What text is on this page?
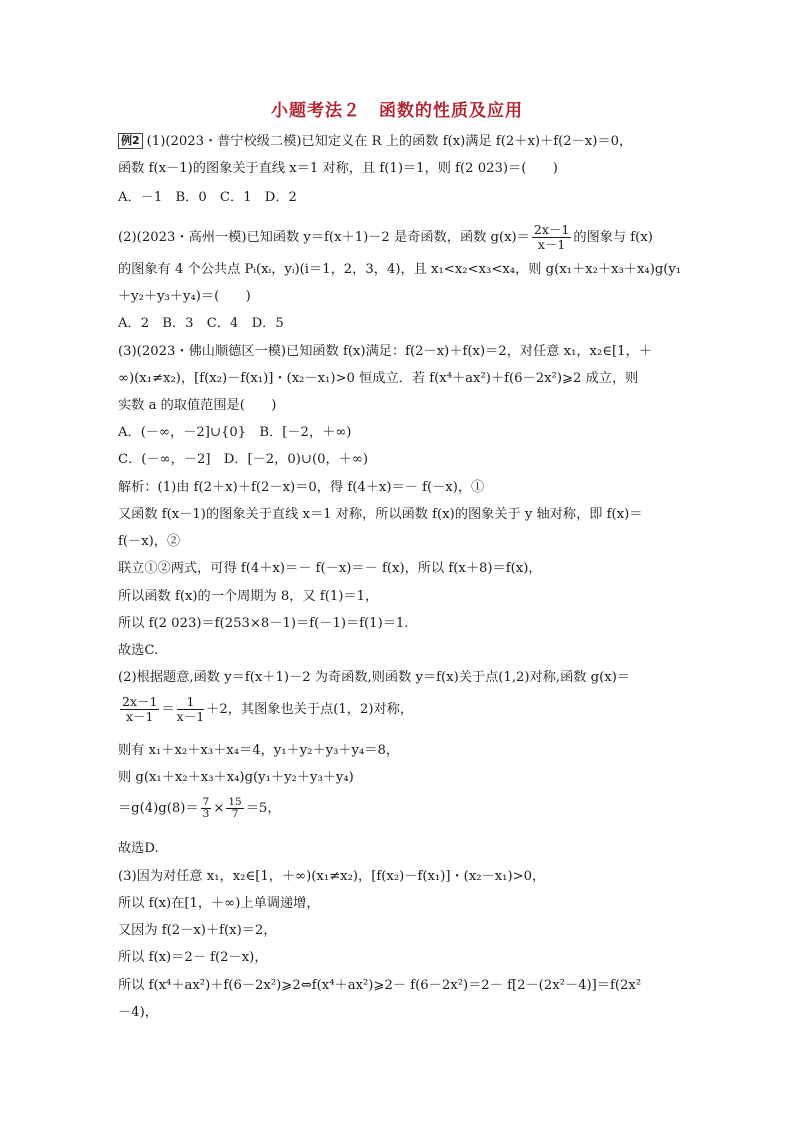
小题考法２　函数的性质及应用
例2 (1)(2023・普宁校级二模)已知定义在 R 上的函数 f(x)满足 f(2＋x)＋f(2－x)＝0，
函数 f(x－1)的图象关于直线 x＝1 对称，且 f(1)＝1，则 f(2 023)＝(　　)
A．－1　B．0　C．1　D．2
(2)(2023・高州一模)已知函数 y＝f(x＋1)－2 是奇函数，函数 $g(x)= \frac{2x-1}{x-1}$ 的图象与 f(x)
的图象有 4 个公共点 Pᵢ(xᵢ，yᵢ)(i＝1，2，3，4)，且 x₁<x₂<x₃<x₄，则 g(x₁＋x₂＋x₃＋x₄)g(y₁
＋y₂＋y₃＋y₄)＝(　　)
A．2　B．3　C．4　D．5
(3)(2023・佛山顺德区一模)已知函数 f(x)满足：f(2－x)＋f(x)＝2，对任意 x₁，x₂∈[1，＋
∞)(x₁≠x₂)，[f(x₂)－f(x₁)]・(x₂－x₁)>0 恒成立．若 f(x⁴＋ax²)＋f(6－2x²)⩾2 成立，则
实数 a 的取值范围是(　　)
A．(－∞，－2]∪{0}　B．[－2，＋∞)
C．(－∞，－2]　D．[－2，0)∪(0，＋∞)
解析：(1)由 f(2＋x)＋f(2－x)＝0，得 f(4＋x)＝－ f(－x)，①
又函数 f(x－1)的图象关于直线 x＝1 对称，所以函数 f(x)的图象关于 y 轴对称，即 f(x)＝
f(－x)，②
联立①②两式，可得 f(4＋x)＝－ f(－x)＝－ f(x)，所以 f(x＋8)＝f(x)，
所以函数 f(x)的一个周期为 8，又 f(1)＝1，
所以 f(2 023)＝f(253×8－1)＝f(－1)＝f(1)＝1.
故选C.
(2)根据题意,函数 y＝f(x＋1)－2 为奇函数,则函数 y＝f(x)关于点(1,2)对称,函数 g(x)＝
$\frac{2x-1}{x-1} = \frac{1}{x-1} +2$，其图象也关于点(1，2)对称，
则有 x₁＋x₂＋x₃＋x₄＝4，y₁＋y₂＋y₃＋y₄＝8，
则 g(x₁＋x₂＋x₃＋x₄)g(y₁＋y₂＋y₃＋y₄)
$=g(4)g(8)= \frac{7}{3} \times \frac{15}{7} =5$，
故选D.
(3)因为对任意 x₁，x₂∈[1，＋∞)(x₁≠x₂)，[f(x₂)－f(x₁)]・(x₂－x₁)>0，
所以 f(x)在[1，＋∞)上单调递增，
又因为 f(2－x)＋f(x)＝2，
所以 f(x)＝2－ f(2－x)，
所以 f(x⁴＋ax²)＋f(6－2x²)⩾2⇔f(x⁴＋ax²)⩾2－ f(6－2x²)＝2－ f[2－(2x²－4)]＝f(2x²
－4)，
